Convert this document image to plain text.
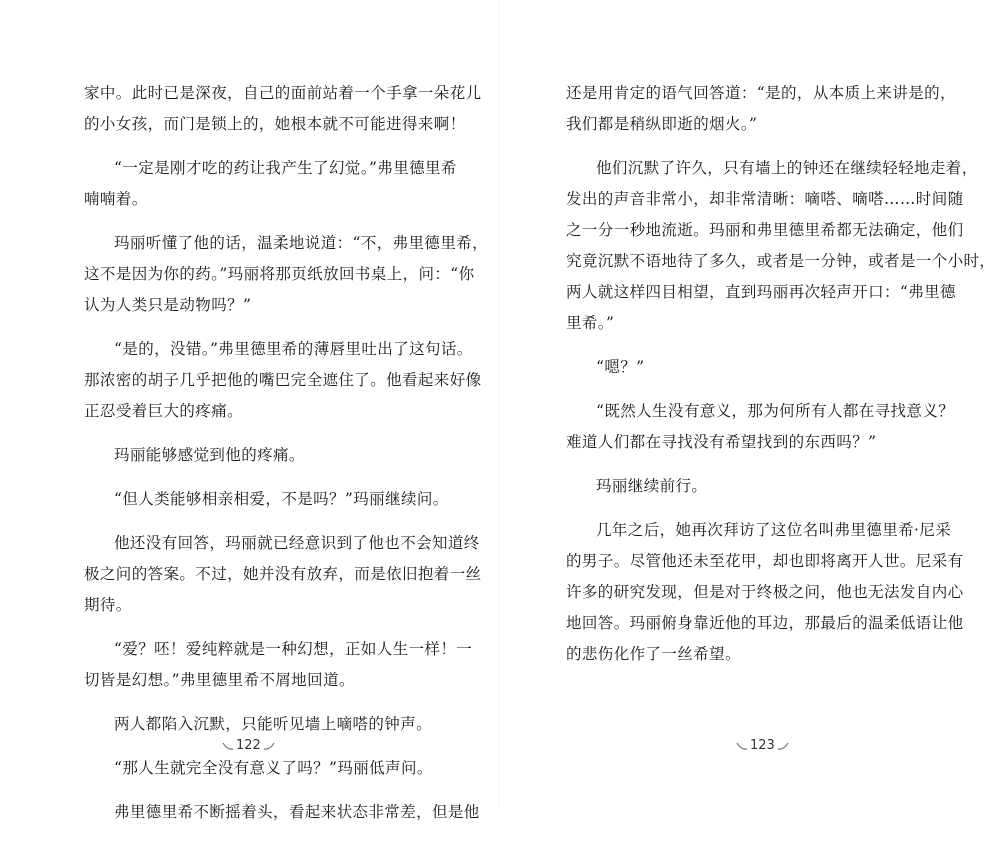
家中。此时已是深夜，自己的面前站着一个手拿一朵花儿
的小女孩，而门是锁上的，她根本就不可能进得来啊！
“一定是刚才吃的药让我产生了幻觉。”弗里德里希
喃喃着。
玛丽听懂了他的话，温柔地说道：“不，弗里德里希，
这不是因为你的药。”玛丽将那页纸放回书桌上，问：“你
认为人类只是动物吗？”
“是的，没错。”弗里德里希的薄唇里吐出了这句话。
那浓密的胡子几乎把他的嘴巴完全遮住了。他看起来好像
正忍受着巨大的疼痛。
玛丽能够感觉到他的疼痛。
“但人类能够相亲相爱，不是吗？”玛丽继续问。
他还没有回答，玛丽就已经意识到了他也不会知道终
极之问的答案。不过，她并没有放弃，而是依旧抱着一丝
期待。
“爱？呸！爱纯粹就是一种幻想，正如人生一样！一
切皆是幻想。”弗里德里希不屑地回道。
两人都陷入沉默，只能听见墙上嘀嗒的钟声。
“那人生就完全没有意义了吗？”玛丽低声问。
弗里德里希不断摇着头，看起来状态非常差，但是他
122
还是用肯定的语气回答道：“是的，从本质上来讲是的，
我们都是稍纵即逝的烟火。”
他们沉默了许久，只有墙上的钟还在继续轻轻地走着，
发出的声音非常小，却非常清晰：嘀嗒、嘀嗒……时间随
之一分一秒地流逝。玛丽和弗里德里希都无法确定，他们
究竟沉默不语地待了多久，或者是一分钟，或者是一个小时，
两人就这样四目相望，直到玛丽再次轻声开口：“弗里德
里希。”
“嗯？”
“既然人生没有意义，那为何所有人都在寻找意义？
难道人们都在寻找没有希望找到的东西吗？”
玛丽继续前行。
几年之后，她再次拜访了这位名叫弗里德里希·尼采
的男子。尽管他还未至花甲，却也即将离开人世。尼采有
许多的研究发现，但是对于终极之问，他也无法发自内心
地回答。玛丽俯身靠近他的耳边，那最后的温柔低语让他
的悲伤化作了一丝希望。
123
